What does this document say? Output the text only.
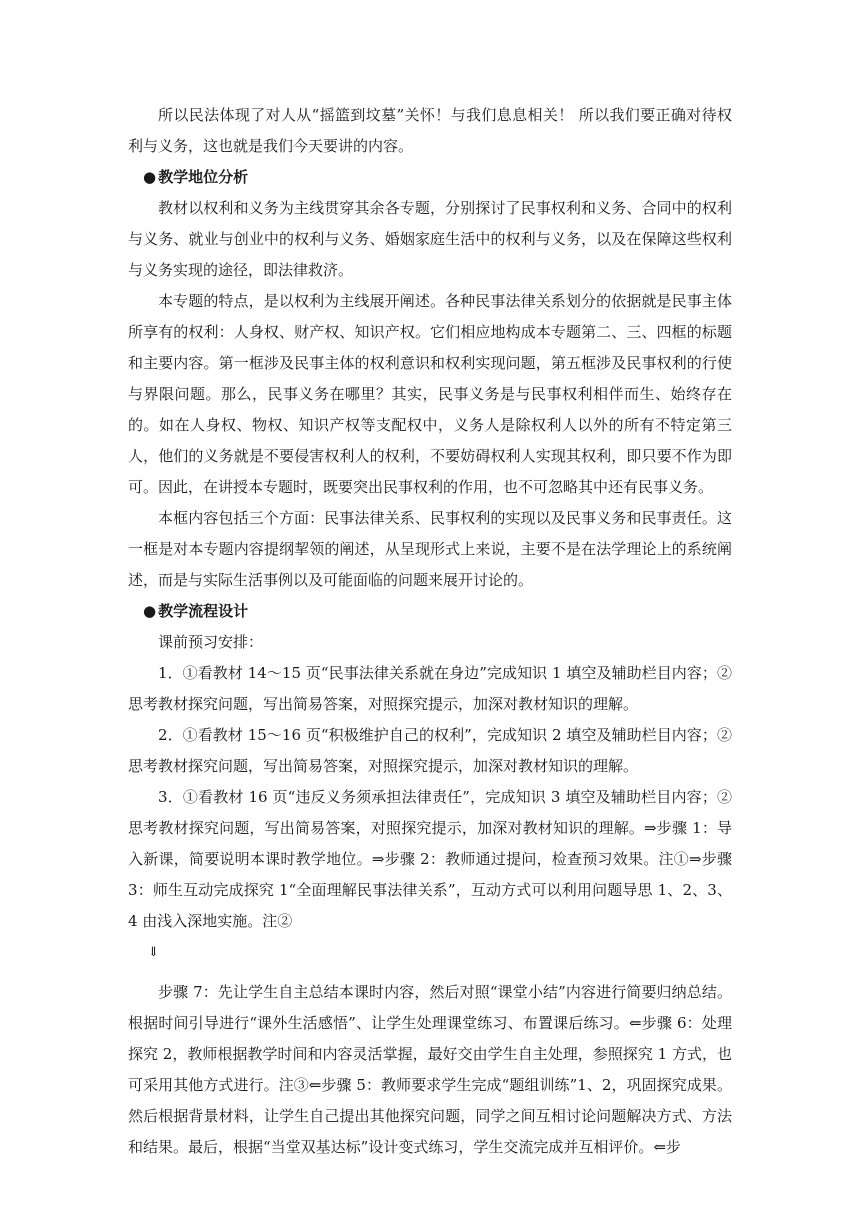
所以民法体现了对人从“摇篮到坟墓”关怀！与我们息息相关！ 所以我们要正确对待权利与义务，这也就是我们今天要讲的内容。

● 教学地位分析

教材以权利和义务为主线贯穿其余各专题，分别探讨了民事权利和义务、合同中的权利与义务、就业与创业中的权利与义务、婚姻家庭生活中的权利与义务，以及在保障这些权利与义务实现的途径，即法律救济。

本专题的特点，是以权利为主线展开阐述。各种民事法律关系划分的依据就是民事主体所享有的权利：人身权、财产权、知识产权。它们相应地构成本专题第二、三、四框的标题和主要内容。第一框涉及民事主体的权利意识和权利实现问题，第五框涉及民事权利的行使与界限问题。那么，民事义务在哪里？其实，民事义务是与民事权利相伴而生、始终存在的。如在人身权、物权、知识产权等支配权中，义务人是除权利人以外的所有不特定第三人，他们的义务就是不要侵害权利人的权利，不要妨碍权利人实现其权利，即只要不作为即可。因此，在讲授本专题时，既要突出民事权利的作用，也不可忽略其中还有民事义务。

本框内容包括三个方面：民事法律关系、民事权利的实现以及民事义务和民事责任。这一框是对本专题内容提纲挈领的阐述，从呈现形式上来说，主要不是在法学理论上的系统阐述，而是与实际生活事例以及可能面临的问题来展开讨论的。

● 教学流程设计

课前预习安排：

1．①看教材 14～15 页“民事法律关系就在身边”完成知识 1 填空及辅助栏目内容；②思考教材探究问题，写出简易答案，对照探究提示，加深对教材知识的理解。

2．①看教材 15～16 页“积极维护自己的权利”，完成知识 2 填空及辅助栏目内容；②思考教材探究问题，写出简易答案，对照探究提示，加深对教材知识的理解。

3．①看教材 16 页“违反义务须承担法律责任”，完成知识 3 填空及辅助栏目内容；②思考教材探究问题，写出简易答案，对照探究提示，加深对教材知识的理解。⇒步骤 1：导入新课，简要说明本课时教学地位。⇒步骤 2：教师通过提问，检查预习效果。注①⇒步骤 3：师生互动完成探究 1“全面理解民事法律关系”，互动方式可以利用问题导思 1、2、3、4 由浅入深地实施。注②

⇓

步骤 7：先让学生自主总结本课时内容，然后对照“课堂小结”内容进行简要归纳总结。根据时间引导进行“课外生活感悟”、让学生处理课堂练习、布置课后练习。⇐步骤 6：处理探究 2，教师根据教学时间和内容灵活掌握，最好交由学生自主处理，参照探究 1 方式，也可采用其他方式进行。注③⇐步骤 5：教师要求学生完成“题组训练”1、2，巩固探究成果。然后根据背景材料，让学生自己提出其他探究问题，同学之间互相讨论问题解决方式、方法和结果。最后，根据“当堂双基达标”设计变式练习，学生交流完成并互相评价。⇐步
